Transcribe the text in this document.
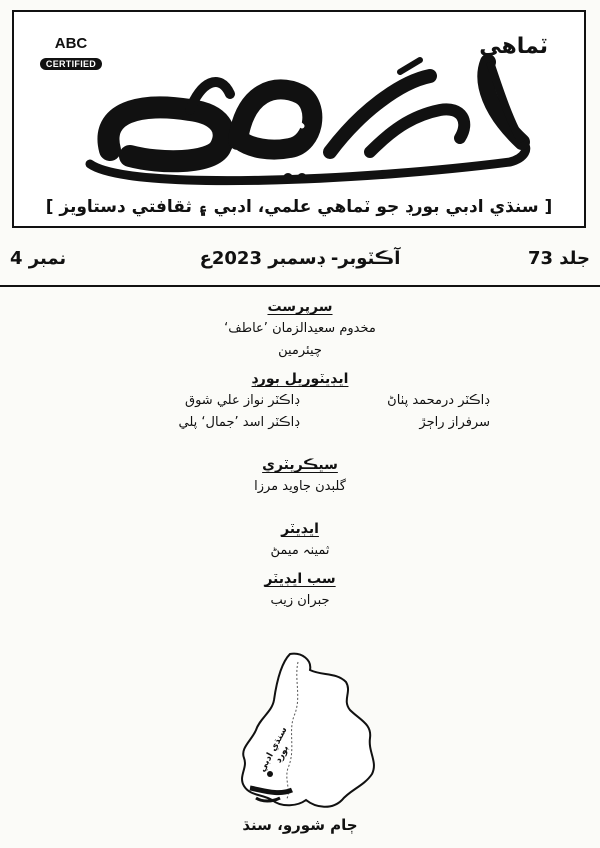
ABC
CERTIFIED
ٽماهي
[ سنڌي ادبي بورڊ جو ٽماهي علمي، ادبي ۽ ثقافتي دستاويز ]
جلد 73
آڪٽوبر- ڊسمبر 2023ع
نمبر 4

سرپرست

مخدوم سعيدالزمان ’عاطف‘

چيئرمين

ايڊيٽوريل بورڊ

ڊاڪٽر درمحمد پٺاڻ

ڊاڪٽر نواز علي شوق

سرفراز راڄڙ

ڊاڪٽر اسد ’جمال‘ پلي

سيڪريٽري

گلبدن جاويد مرزا

ايڊيٽر

ثمينہ ميمڻ

سب ايڊيٽر

جبران زيب

سنڌي ادبي بورڊ
ڄام شورو، سنڌ
